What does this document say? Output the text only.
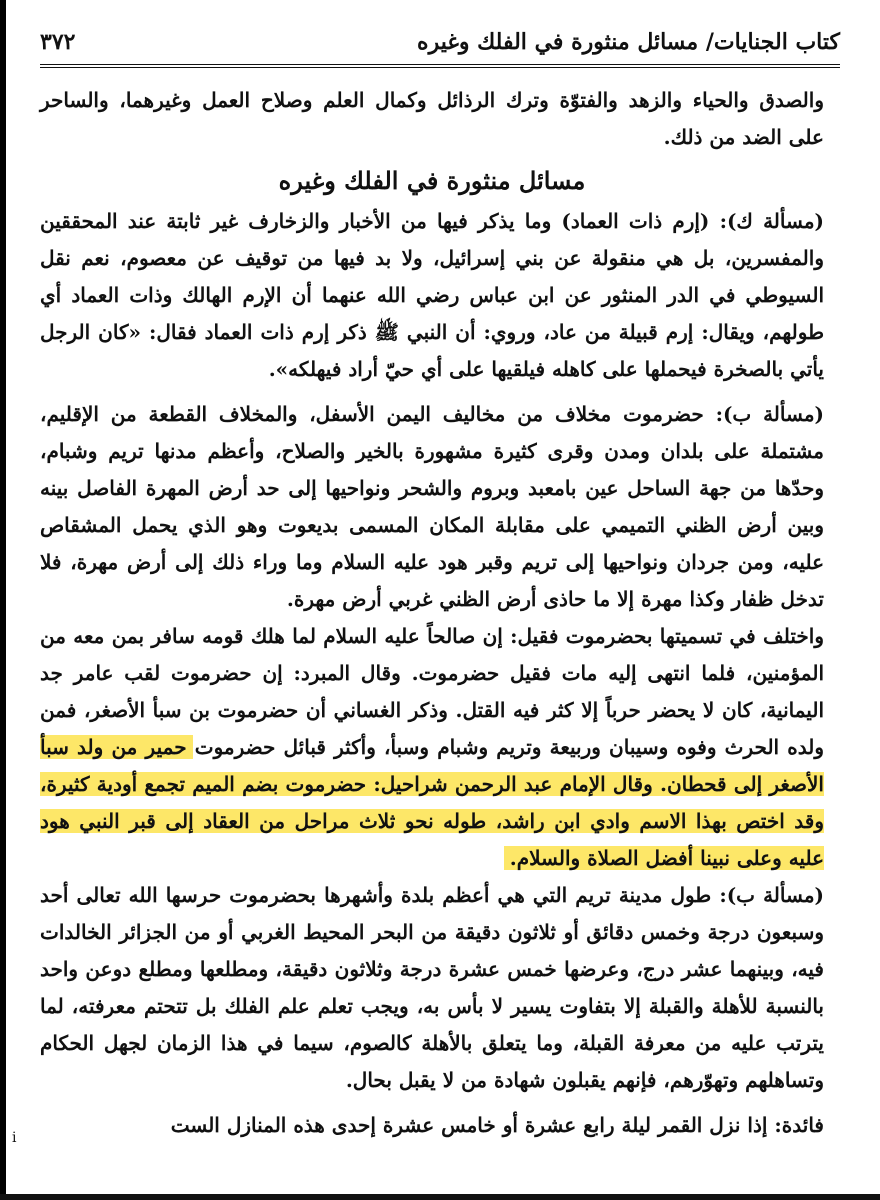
كتاب الجنايات/ مسائل منثورة في الفلك وغيره
٣٧٢

والصدق والحياء والزهد والفتوّة وترك الرذائل وكمال العلم وصلاح العمل وغيرهما، والساحر على الضد من ذلك.

مسائل منثورة في الفلك وغيره

(مسألة ك): (إرم ذات العماد) وما يذكر فيها من الأخبار والزخارف غير ثابتة عند المحققين والمفسرين، بل هي منقولة عن بني إسرائيل، ولا بد فيها من توقيف عن معصوم، نعم نقل السيوطي في الدر المنثور عن ابن عباس رضي الله عنهما أن الإرم الهالك وذات العماد أي طولهم، ويقال: إرم قبيلة من عاد، وروي: أن النبي ﷺ ذكر إرم ذات العماد فقال: «كان الرجل يأتي بالصخرة فيحملها على كاهله فيلقيها على أي حيّ أراد فيهلكه».

(مسألة ب): حضرموت مخلاف من مخاليف اليمن الأسفل، والمخلاف القطعة من الإقليم، مشتملة على بلدان ومدن وقرى كثيرة مشهورة بالخير والصلاح، وأعظم مدنها تريم وشبام، وحدّها من جهة الساحل عين بامعبد وبروم والشحر ونواحيها إلى حد أرض المهرة الفاصل بينه وبين أرض الظني التميمي على مقابلة المكان المسمى بديعوت وهو الذي يحمل المشقاص عليه، ومن جردان ونواحيها إلى تريم وقبر هود عليه السلام وما وراء ذلك إلى أرض مهرة، فلا تدخل ظفار وكذا مهرة إلا ما حاذى أرض الظني غربي أرض مهرة.

واختلف في تسميتها بحضرموت فقيل: إن صالحاً عليه السلام لما هلك قومه سافر بمن معه من المؤمنين، فلما انتهى إليه مات فقيل حضرموت. وقال المبرد: إن حضرموت لقب عامر جد اليمانية، كان لا يحضر حرباً إلا كثر فيه القتل. وذكر الغساني أن حضرموت بن سبأ الأصغر، فمن ولده الحرث وفوه وسيبان وربيعة وتريم وشبام وسبأ، وأكثر قبائل حضرموت حمير من ولد سبأ الأصغر إلى قحطان. وقال الإمام عبد الرحمن شراحيل: حضرموت بضم الميم تجمع أودية كثيرة، وقد اختص بهذا الاسم وادي ابن راشد، طوله نحو ثلاث مراحل من العقاد إلى قبر النبي هود عليه وعلى نبينا أفضل الصلاة والسلام.

(مسألة ب): طول مدينة تريم التي هي أعظم بلدة وأشهرها بحضرموت حرسها الله تعالى أحد وسبعون درجة وخمس دقائق أو ثلاثون دقيقة من البحر المحيط الغربي أو من الجزائر الخالدات فيه، وبينهما عشر درج، وعرضها خمس عشرة درجة وثلاثون دقيقة، ومطلعها ومطلع دوعن واحد بالنسبة للأهلة والقبلة إلا بتفاوت يسير لا بأس به، ويجب تعلم علم الفلك بل تتحتم معرفته، لما يترتب عليه من معرفة القبلة، وما يتعلق بالأهلة كالصوم، سيما في هذا الزمان لجهل الحكام وتساهلهم وتهوّرهم، فإنهم يقبلون شهادة من لا يقبل بحال.

فائدة: إذا نزل القمر ليلة رابع عشرة أو خامس عشرة إحدى هذه المنازل الست

i
